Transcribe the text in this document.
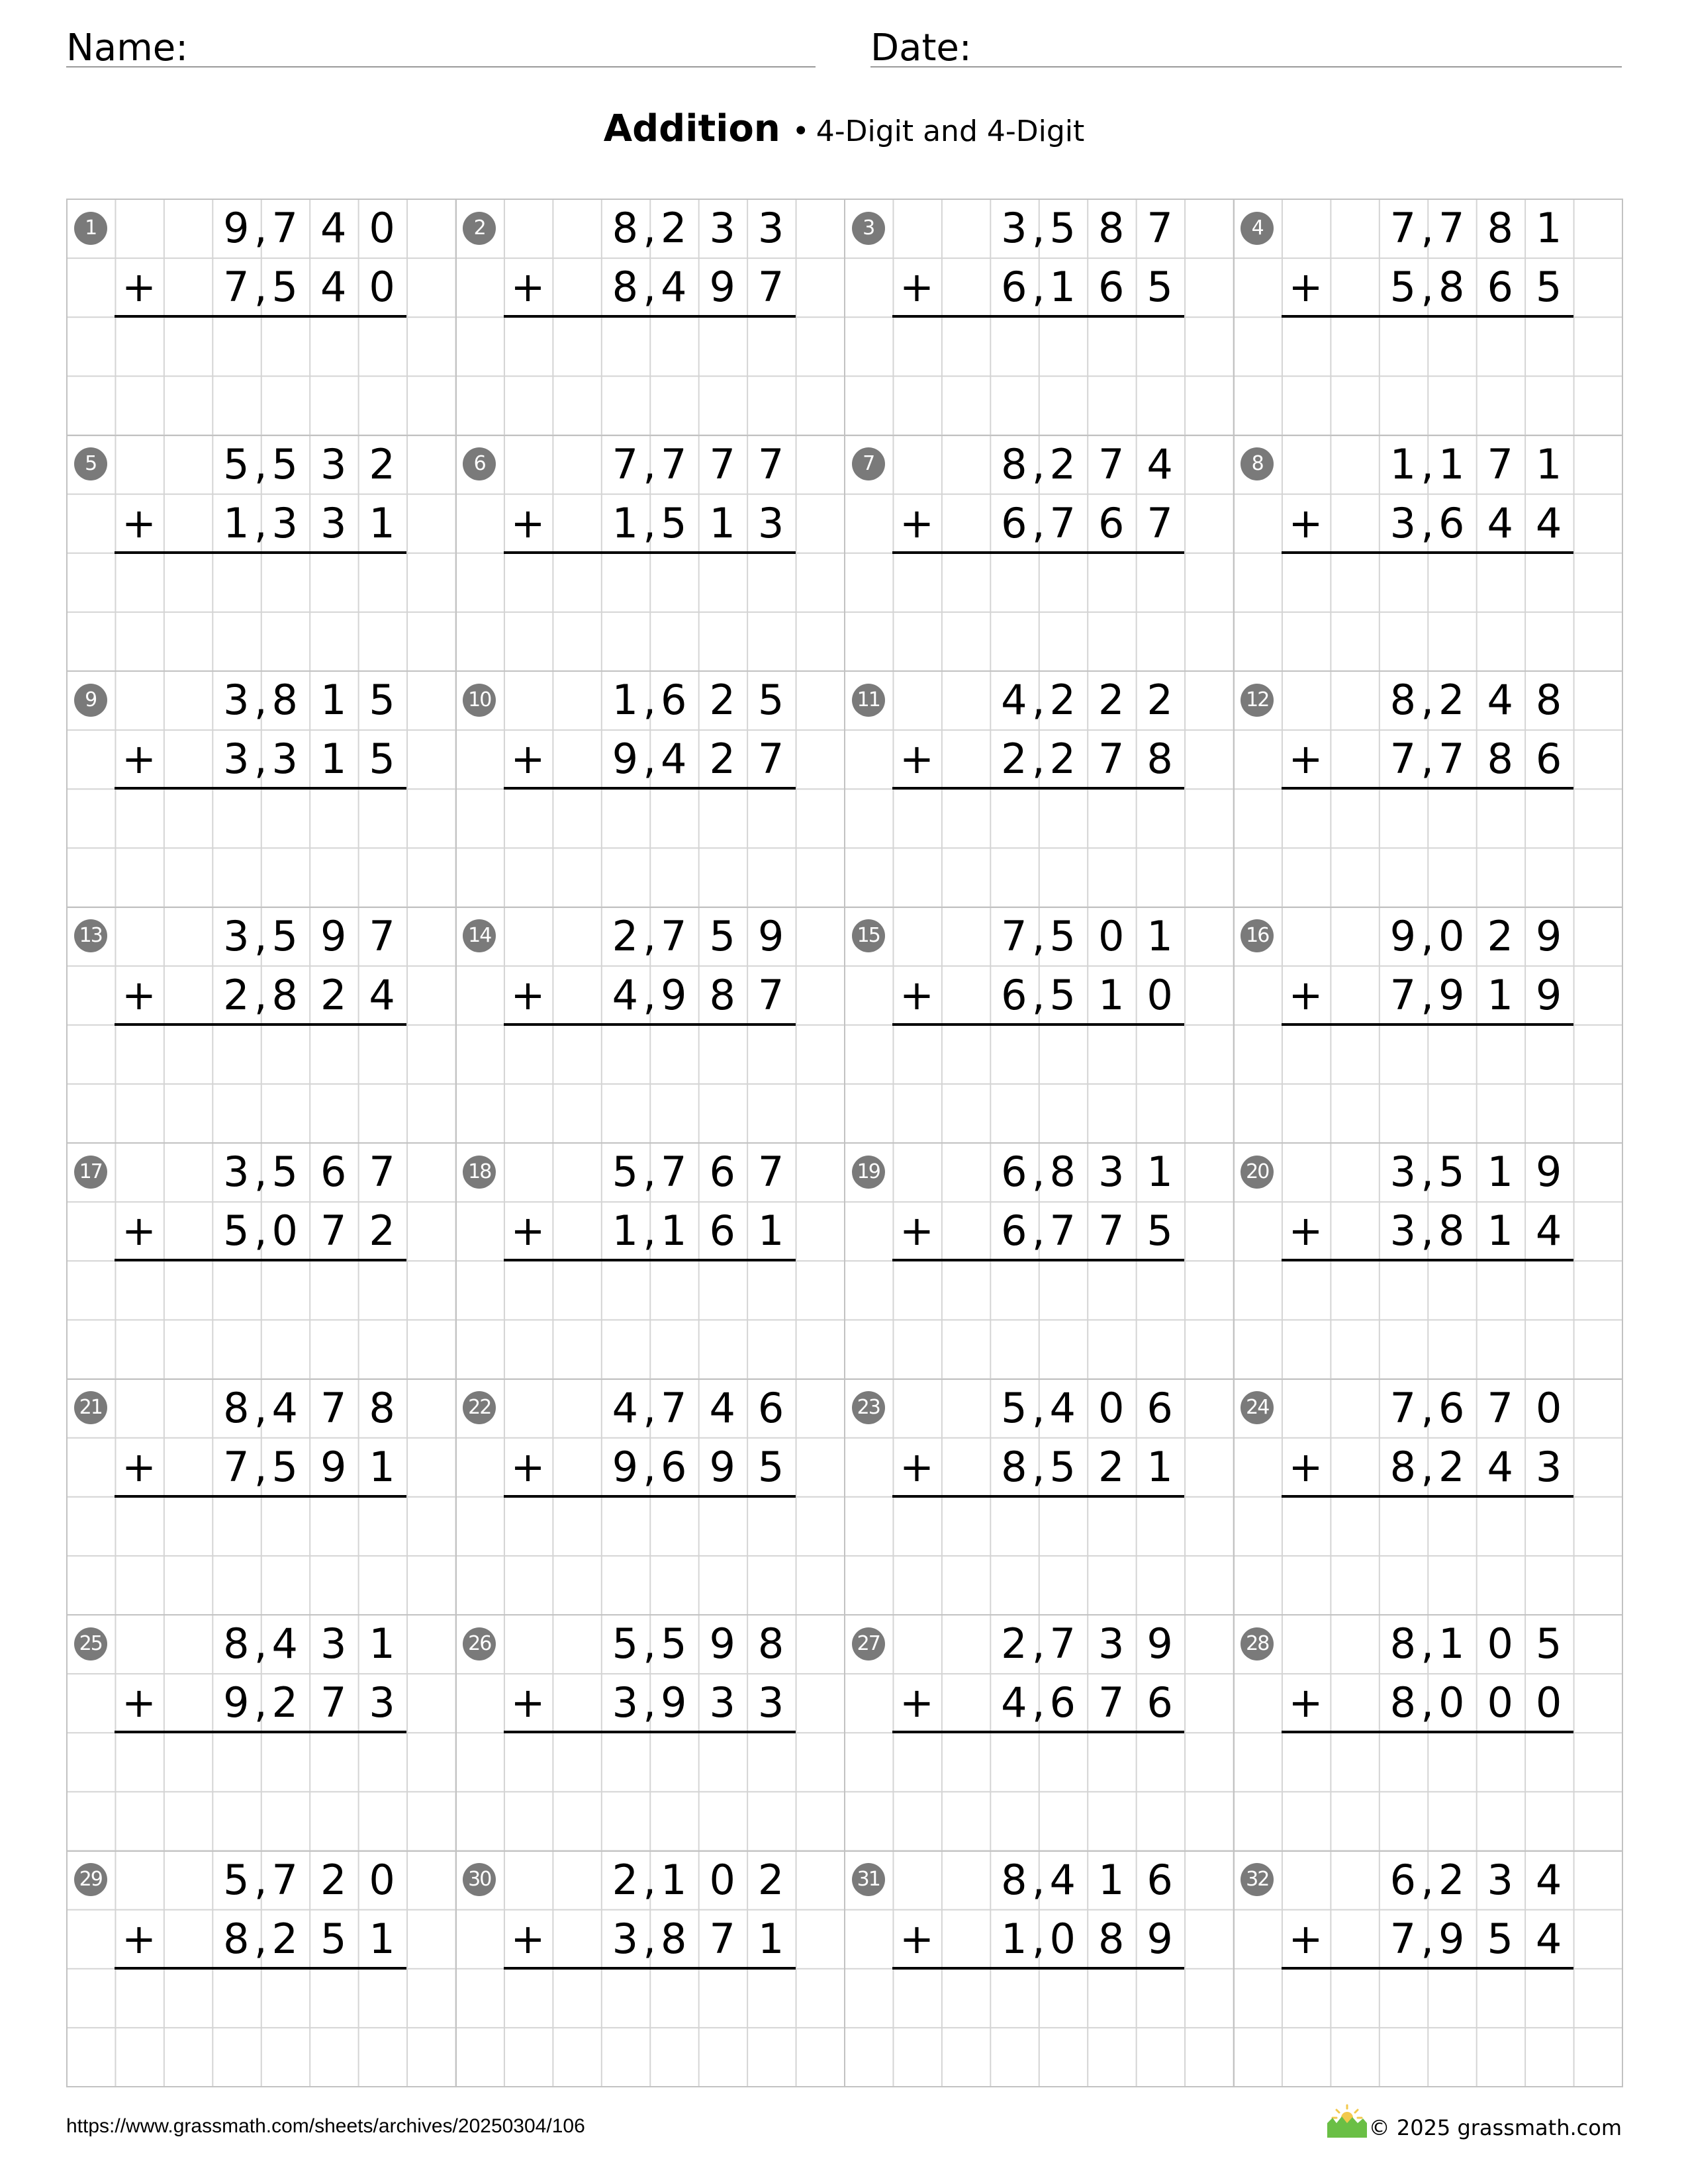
Name:	Date:
Addition • 4-Digit and 4-Digit
1	9 7 4 0
,
7 5 4 0
,
+
2	8 2 3 3
,
8 4 9 7
,
+
3	3 5 8 7
,
6 1 6 5
,
+
4	7 7 8 1
,
5 8 6 5
,
+
5	5 5 3 2
,
1 3 3 1
,
+
6	7 7 7 7
,
1 5 1 3
,
+
7	8 2 7 4
,
6 7 6 7
,
+
8	1 1 7 1
,
3 6 4 4
,
+
9	3 8 1 5
,
3 3 1 5
,
+
10	1 6 2 5
,
9 4 2 7
,
+
11	4 2 2 2
,
2 2 7 8
,
+
12	8 2 4 8
,
7 7 8 6
,
+
13	3 5 9 7
,
2 8 2 4
,
+
14	2 7 5 9
,
4 9 8 7
,
+
15	7 5 0 1
,
6 5 1 0
,
+
16	9 0 2 9
,
7 9 1 9
,
+
17	3 5 6 7
,
5 0 7 2
,
+
18	5 7 6 7
,
1 1 6 1
,
+
19	6 8 3 1
,
6 7 7 5
,
+
20	3 5 1 9
,
3 8 1 4
,
+
21	8 4 7 8
,
7 5 9 1
,
+
22	4 7 4 6
,
9 6 9 5
,
+
23	5 4 0 6
,
8 5 2 1
,
+
24	7 6 7 0
,
8 2 4 3
,
+
25	8 4 3 1
,
9 2 7 3
,
+
26	5 5 9 8
,
3 9 3 3
,
+
27	2 7 3 9
,
4 6 7 6
,
+
28	8 1 0 5
,
8 0 0 0
,
+
29	5 7 2 0
,
8 2 5 1
,
+
30	2 1 0 2
,
3 8 7 1
,
+
31	8 4 1 6
,
1 0 8 9
,
+
32	6 2 3 4
,
7 9 5 4
,
+
https://www.grassmath.com/sheets/archives/20250304/106	© 2025 grassmath.com
